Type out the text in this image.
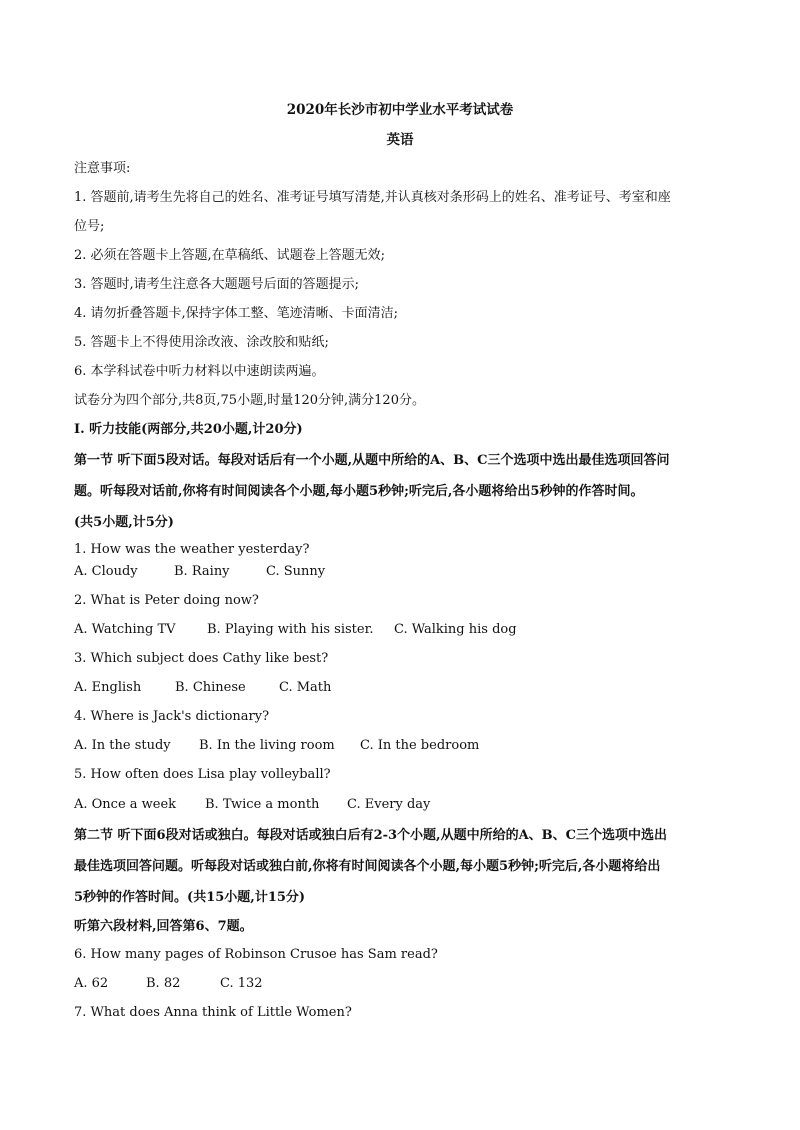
2020年长沙市初中学业水平考试试卷
英语
注意事项:
1. 答题前,请考生先将自己的姓名、准考证号填写清楚,并认真核对条形码上的姓名、准考证号、考室和座
位号;
2. 必须在答题卡上答题,在草稿纸、试题卷上答题无效;
3. 答题时,请考生注意各大题题号后面的答题提示;
4. 请勿折叠答题卡,保持字体工整、笔迹清晰、卡面清洁;
5. 答题卡上不得使用涂改液、涂改胶和贴纸;
6. 本学科试卷中听力材料以中速朗读两遍。
试卷分为四个部分,共8页,75小题,时量120分钟,满分120分。
I. 听力技能(两部分,共20小题,计20分)
第一节 听下面5段对话。每段对话后有一个小题,从题中所给的A、B、C三个选项中选出最佳选项回答问
题。听每段对话前,你将有时间阅读各个小题,每小题5秒钟;听完后,各小题将给出5秒钟的作答时间。
(共5小题,计5分)
1. How was the weather yesterday?
A. Cloudy	B. Rainy	C. Sunny
2. What is Peter doing now?
A. Watching TV B. Playing with his sister. C. Walking his dog
3. Which subject does Cathy like best?
A. English	B. Chinese	C. Math
4. Where is Jack's dictionary?
A. In the study B. In the living room C. In the bedroom
5. How often does Lisa play volleyball?
A. Once a week B. Twice a month C. Every day
第二节 听下面6段对话或独白。每段对话或独白后有2-3个小题,从题中所给的A、B、C三个选项中选出
最佳选项回答问题。听每段对话或独白前,你将有时间阅读各个小题,每小题5秒钟;听完后,各小题将给出
5秒钟的作答时间。(共15小题,计15分)
听第六段材料,回答第6、7题。
6. How many pages of Robinson Crusoe has Sam read?
A. 62	B. 82	C. 132
7. What does Anna think of Little Women?
